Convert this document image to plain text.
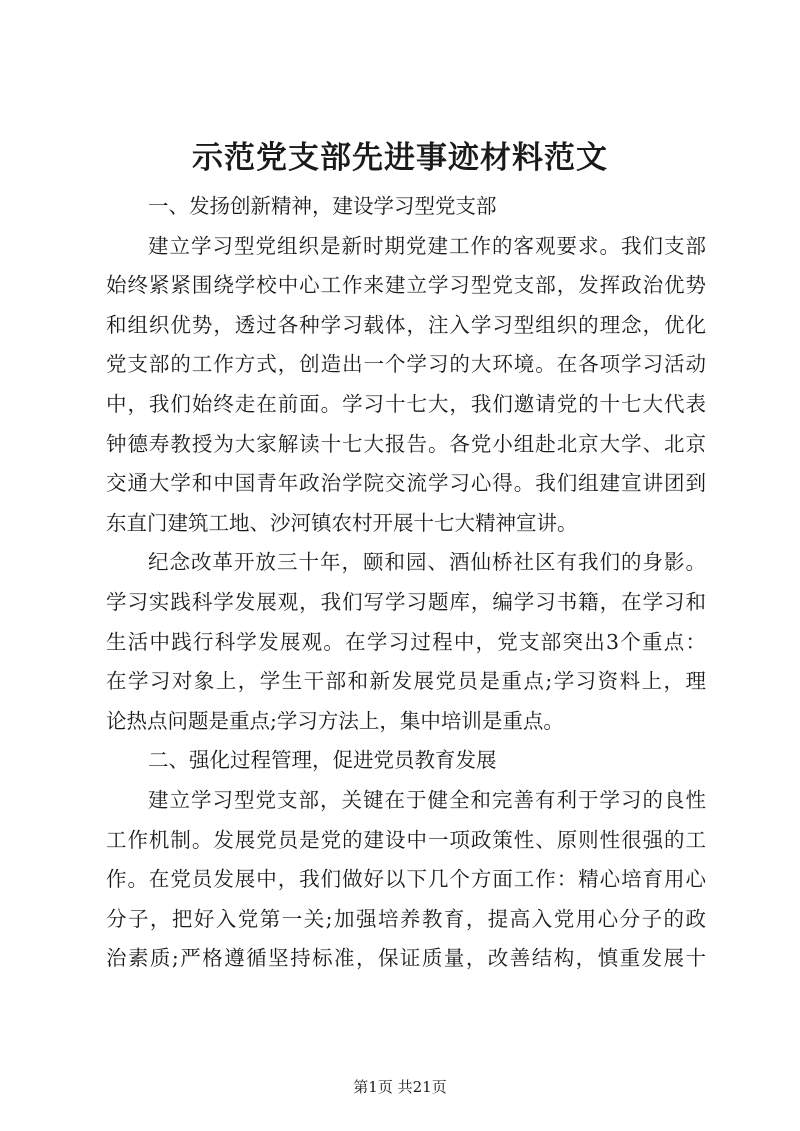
示范党支部先进事迹材料范文
一、发扬创新精神，建设学习型党支部
建立学习型党组织是新时期党建工作的客观要求。我们支部
始终紧紧围绕学校中心工作来建立学习型党支部，发挥政治优势
和组织优势，透过各种学习载体，注入学习型组织的理念，优化
党支部的工作方式，创造出一个学习的大环境。在各项学习活动
中，我们始终走在前面。学习十七大，我们邀请党的十七大代表
钟德寿教授为大家解读十七大报告。各党小组赴北京大学、北京
交通大学和中国青年政治学院交流学习心得。我们组建宣讲团到
东直门建筑工地、沙河镇农村开展十七大精神宣讲。
纪念改革开放三十年，颐和园、酒仙桥社区有我们的身影。
学习实践科学发展观，我们写学习题库，编学习书籍，在学习和
生活中践行科学发展观。在学习过程中，党支部突出3个重点：
在学习对象上，学生干部和新发展党员是重点;学习资料上，理
论热点问题是重点;学习方法上，集中培训是重点。
二、强化过程管理，促进党员教育发展
建立学习型党支部，关键在于健全和完善有利于学习的良性
工作机制。发展党员是党的建设中一项政策性、原则性很强的工
作。在党员发展中，我们做好以下几个方面工作：精心培育用心
分子，把好入党第一关;加强培养教育，提高入党用心分子的政
治素质;严格遵循坚持标准，保证质量，改善结构，慎重发展十
第1页 共21页
